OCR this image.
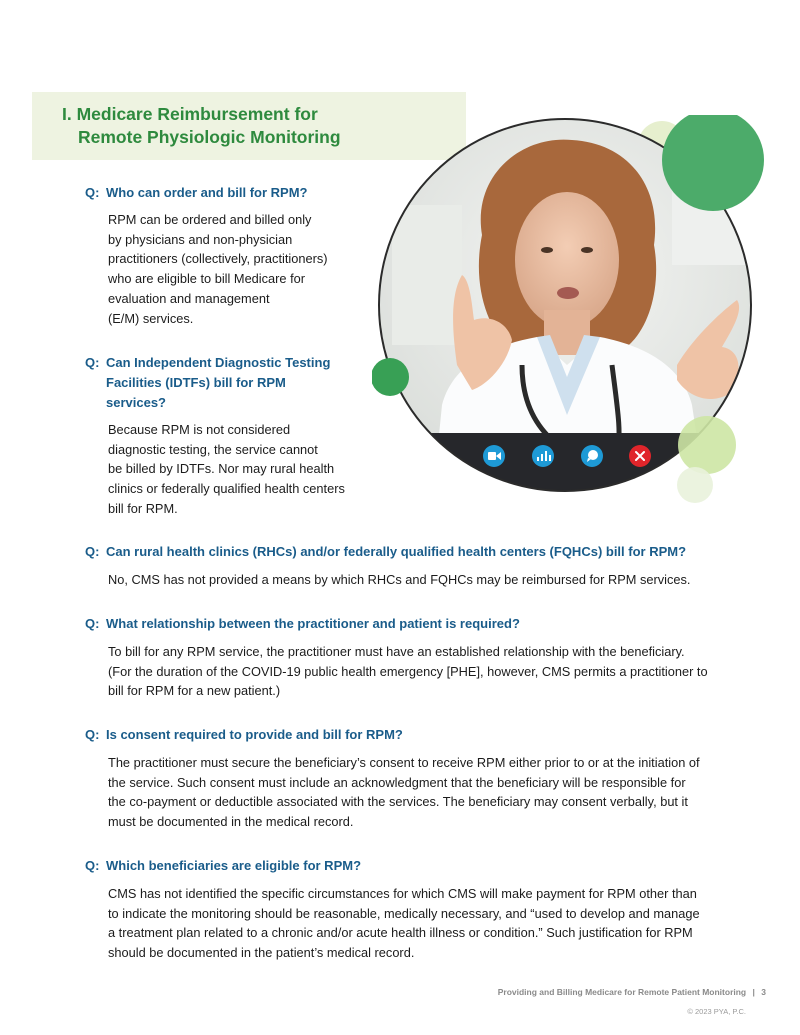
I. Medicare Reimbursement for
Remote Physiologic Monitoring
Q: Who can order and bill for RPM?

RPM can be ordered and billed only
by physicians and non-physician
practitioners (collectively, practitioners)
who are eligible to bill Medicare for
evaluation and management
(E/M) services.

Q: Can Independent Diagnostic Testing
Facilities (IDTFs) bill for RPM
services?

Because RPM is not considered
diagnostic testing, the service cannot
be billed by IDTFs. Nor may rural health
clinics or federally qualified health centers
bill for RPM.

Q: Can rural health clinics (RHCs) and/or federally qualified health centers (FQHCs) bill for RPM?

No, CMS has not provided a means by which RHCs and FQHCs may be reimbursed for RPM services.

Q: What relationship between the practitioner and patient is required?

To bill for any RPM service, the practitioner must have an established relationship with the beneficiary.
(For the duration of the COVID-19 public health emergency [PHE], however, CMS permits a practitioner to
bill for RPM for a new patient.)

Q: Is consent required to provide and bill for RPM?

The practitioner must secure the beneficiary’s consent to receive RPM either prior to or at the initiation of
the service. Such consent must include an acknowledgment that the beneficiary will be responsible for
the co-payment or deductible associated with the services. The beneficiary may consent verbally, but it
must be documented in the medical record.

Q: Which beneficiaries are eligible for RPM?

CMS has not identified the specific circumstances for which CMS will make payment for RPM other than
to indicate the monitoring should be reasonable, medically necessary, and “used to develop and manage
a treatment plan related to a chronic and/or acute health illness or condition.” Such justification for RPM
should be documented in the patient’s medical record.

Providing and Billing Medicare for Remote Patient Monitoring | 3
© 2023 PYA, P.C.
